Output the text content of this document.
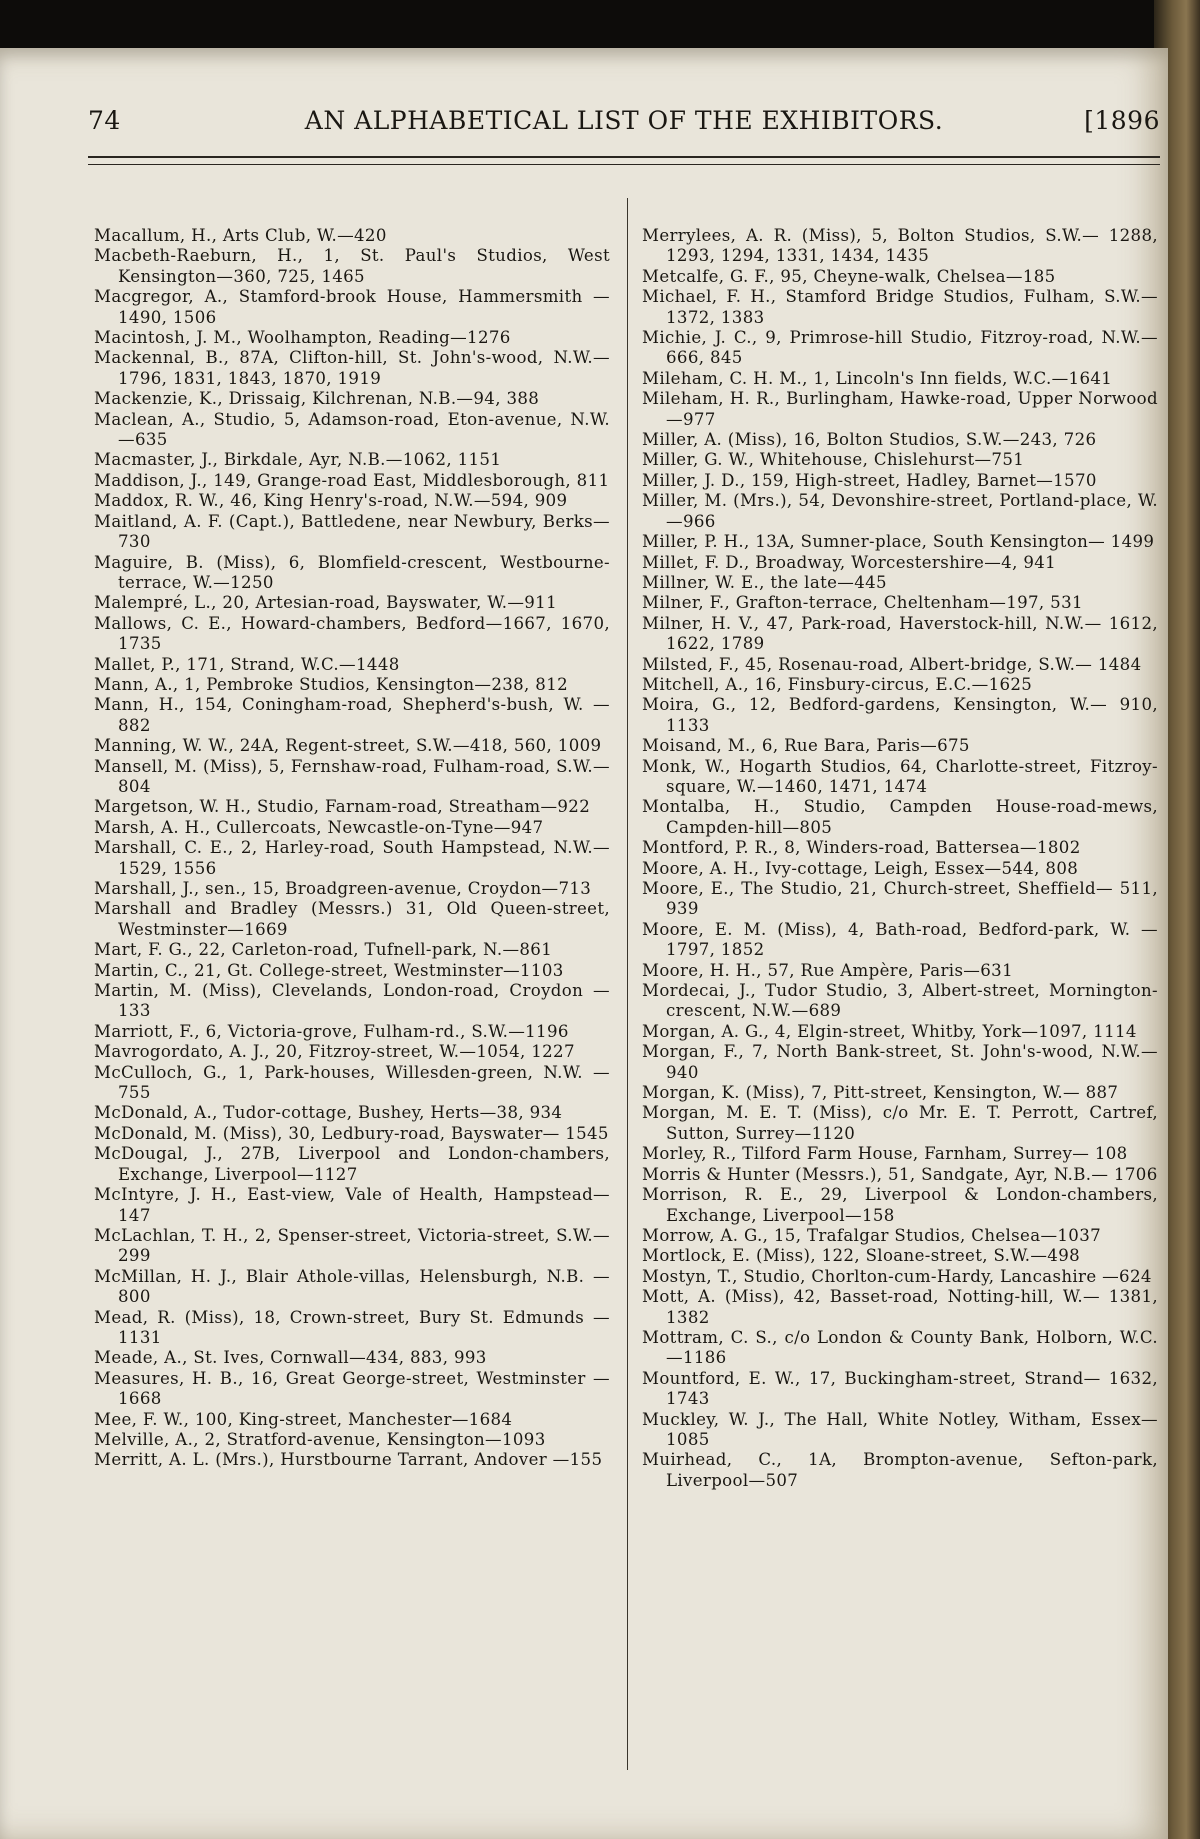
74	AN ALPHABETICAL LIST OF THE EXHIBITORS.	[1896
Macallum, H., Arts Club, W.—420
Macbeth-Raeburn, H., 1, St. Paul's Studios, West Kensington—360, 725, 1465
Macgregor, A., Stamford-brook House, Hammersmith —1490, 1506
Macintosh, J. M., Woolhampton, Reading—1276
Mackennal, B., 87A, Clifton-hill, St. John's-wood, N.W.—1796, 1831, 1843, 1870, 1919
Mackenzie, K., Drissaig, Kilchrenan, N.B.—94, 388
Maclean, A., Studio, 5, Adamson-road, Eton-avenue, N.W.—635
Macmaster, J., Birkdale, Ayr, N.B.—1062, 1151
Maddison, J., 149, Grange-road East, Middlesborough, 811
Maddox, R. W., 46, King Henry's-road, N.W.—594, 909
Maitland, A. F. (Capt.), Battledene, near Newbury, Berks—730
Maguire, B. (Miss), 6, Blomfield-crescent, Westbourne-terrace, W.—1250
Malempré, L., 20, Artesian-road, Bayswater, W.—911
Mallows, C. E., Howard-chambers, Bedford—1667, 1670, 1735
Mallet, P., 171, Strand, W.C.—1448
Mann, A., 1, Pembroke Studios, Kensington—238, 812
Mann, H., 154, Coningham-road, Shepherd's-bush, W. —882
Manning, W. W., 24A, Regent-street, S.W.—418, 560, 1009
Mansell, M. (Miss), 5, Fernshaw-road, Fulham-road, S.W.—804
Margetson, W. H., Studio, Farnam-road, Streatham—922
Marsh, A. H., Cullercoats, Newcastle-on-Tyne—947
Marshall, C. E., 2, Harley-road, South Hampstead, N.W.—1529, 1556
Marshall, J., sen., 15, Broadgreen-avenue, Croydon—713
Marshall and Bradley (Messrs.) 31, Old Queen-street, Westminster—1669
Mart, F. G., 22, Carleton-road, Tufnell-park, N.—861
Martin, C., 21, Gt. College-street, Westminster—1103
Martin, M. (Miss), Clevelands, London-road, Croydon —133
Marriott, F., 6, Victoria-grove, Fulham-rd., S.W.—1196
Mavrogordato, A. J., 20, Fitzroy-street, W.—1054, 1227
McCulloch, G., 1, Park-houses, Willesden-green, N.W. —755
McDonald, A., Tudor-cottage, Bushey, Herts—38, 934
McDonald, M. (Miss), 30, Ledbury-road, Bayswater— 1545
McDougal, J., 27B, Liverpool and London-chambers, Exchange, Liverpool—1127
McIntyre, J. H., East-view, Vale of Health, Hampstead—147
McLachlan, T. H., 2, Spenser-street, Victoria-street, S.W.—299
McMillan, H. J., Blair Athole-villas, Helensburgh, N.B. —800
Mead, R. (Miss), 18, Crown-street, Bury St. Edmunds —1131
Meade, A., St. Ives, Cornwall—434, 883, 993
Measures, H. B., 16, Great George-street, Westminster —1668
Mee, F. W., 100, King-street, Manchester—1684
Melville, A., 2, Stratford-avenue, Kensington—1093
Merritt, A. L. (Mrs.), Hurstbourne Tarrant, Andover —155
Merrylees, A. R. (Miss), 5, Bolton Studios, S.W.— 1288, 1293, 1294, 1331, 1434, 1435
Metcalfe, G. F., 95, Cheyne-walk, Chelsea—185
Michael, F. H., Stamford Bridge Studios, Fulham, S.W.—1372, 1383
Michie, J. C., 9, Primrose-hill Studio, Fitzroy-road, N.W.—666, 845
Mileham, C. H. M., 1, Lincoln's Inn fields, W.C.—1641
Mileham, H. R., Burlingham, Hawke-road, Upper Norwood—977
Miller, A. (Miss), 16, Bolton Studios, S.W.—243, 726
Miller, G. W., Whitehouse, Chislehurst—751
Miller, J. D., 159, High-street, Hadley, Barnet—1570
Miller, M. (Mrs.), 54, Devonshire-street, Portland-place, W.—966
Miller, P. H., 13A, Sumner-place, South Kensington— 1499
Millet, F. D., Broadway, Worcestershire—4, 941
Millner, W. E., the late—445
Milner, F., Grafton-terrace, Cheltenham—197, 531
Milner, H. V., 47, Park-road, Haverstock-hill, N.W.— 1612, 1622, 1789
Milsted, F., 45, Rosenau-road, Albert-bridge, S.W.— 1484
Mitchell, A., 16, Finsbury-circus, E.C.—1625
Moira, G., 12, Bedford-gardens, Kensington, W.— 910, 1133
Moisand, M., 6, Rue Bara, Paris—675
Monk, W., Hogarth Studios, 64, Charlotte-street, Fitzroy-square, W.—1460, 1471, 1474
Montalba, H., Studio, Campden House-road-mews, Campden-hill—805
Montford, P. R., 8, Winders-road, Battersea—1802
Moore, A. H., Ivy-cottage, Leigh, Essex—544, 808
Moore, E., The Studio, 21, Church-street, Sheffield— 511, 939
Moore, E. M. (Miss), 4, Bath-road, Bedford-park, W. —1797, 1852
Moore, H. H., 57, Rue Ampère, Paris—631
Mordecai, J., Tudor Studio, 3, Albert-street, Mornington-crescent, N.W.—689
Morgan, A. G., 4, Elgin-street, Whitby, York—1097, 1114
Morgan, F., 7, North Bank-street, St. John's-wood, N.W.—940
Morgan, K. (Miss), 7, Pitt-street, Kensington, W.— 887
Morgan, M. E. T. (Miss), c/o Mr. E. T. Perrott, Cartref, Sutton, Surrey—1120
Morley, R., Tilford Farm House, Farnham, Surrey— 108
Morris & Hunter (Messrs.), 51, Sandgate, Ayr, N.B.— 1706
Morrison, R. E., 29, Liverpool & London-chambers, Exchange, Liverpool—158
Morrow, A. G., 15, Trafalgar Studios, Chelsea—1037
Mortlock, E. (Miss), 122, Sloane-street, S.W.—498
Mostyn, T., Studio, Chorlton-cum-Hardy, Lancashire —624
Mott, A. (Miss), 42, Basset-road, Notting-hill, W.— 1381, 1382
Mottram, C. S., c/o London & County Bank, Holborn, W.C.—1186
Mountford, E. W., 17, Buckingham-street, Strand— 1632, 1743
Muckley, W. J., The Hall, White Notley, Witham, Essex—1085
Muirhead, C., 1A, Brompton-avenue, Sefton-park, Liverpool—507
